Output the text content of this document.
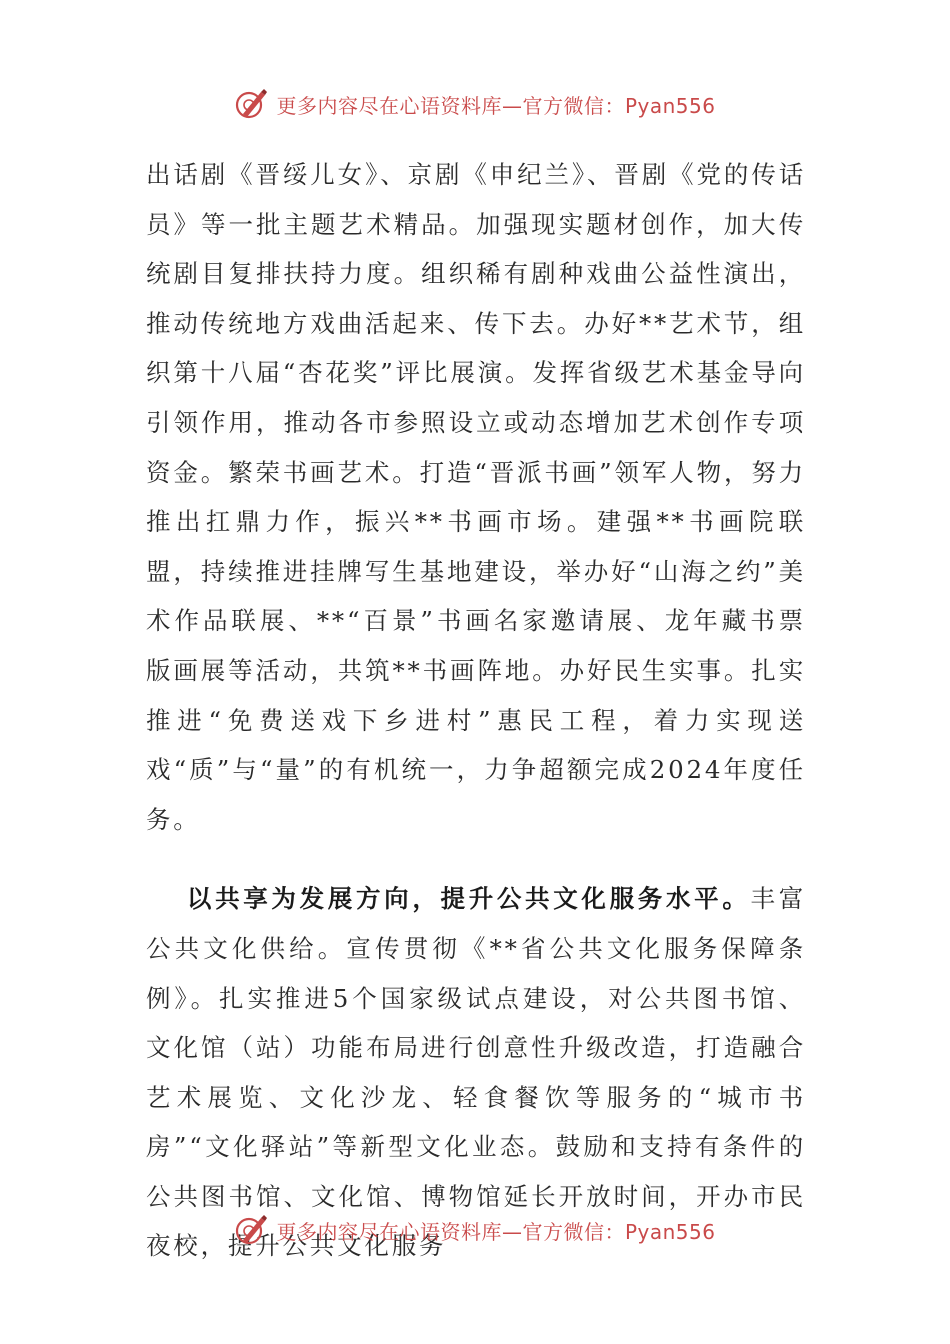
更多内容尽在心语资料库—官方微信：Pyan556

出话剧《晋绥儿女》、京剧《申纪兰》、晋剧《党的传话员》等一批主题艺术精品。加强现实题材创作，加大传统剧目复排扶持力度。组织稀有剧种戏曲公益性演出，推动传统地方戏曲活起来、传下去。办好**艺术节，组织第十八届“杏花奖”评比展演。发挥省级艺术基金导向引领作用，推动各市参照设立或动态增加艺术创作专项资金。繁荣书画艺术。打造“晋派书画”领军人物，努力推出扛鼎力作，振兴**书画市场。建强**书画院联盟，持续推进挂牌写生基地建设，举办好“山海之约”美术作品联展、**“百景”书画名家邀请展、龙年藏书票版画展等活动，共筑**书画阵地。办好民生实事。扎实推进“免费送戏下乡进村”惠民工程，着力实现送戏“质”与“量”的有机统一，力争超额完成2024年度任务。

以共享为发展方向，提升公共文化服务水平。丰富公共文化供给。宣传贯彻《**省公共文化服务保障条例》。扎实推进5个国家级试点建设，对公共图书馆、文化馆（站）功能布局进行创意性升级改造，打造融合艺术展览、文化沙龙、轻食餐饮等服务的“城市书房”“文化驿站”等新型文化业态。鼓励和支持有条件的公共图书馆、文化馆、博物馆延长开放时间，开办市民夜校，提升公共文化服务

更多内容尽在心语资料库—官方微信：Pyan556
